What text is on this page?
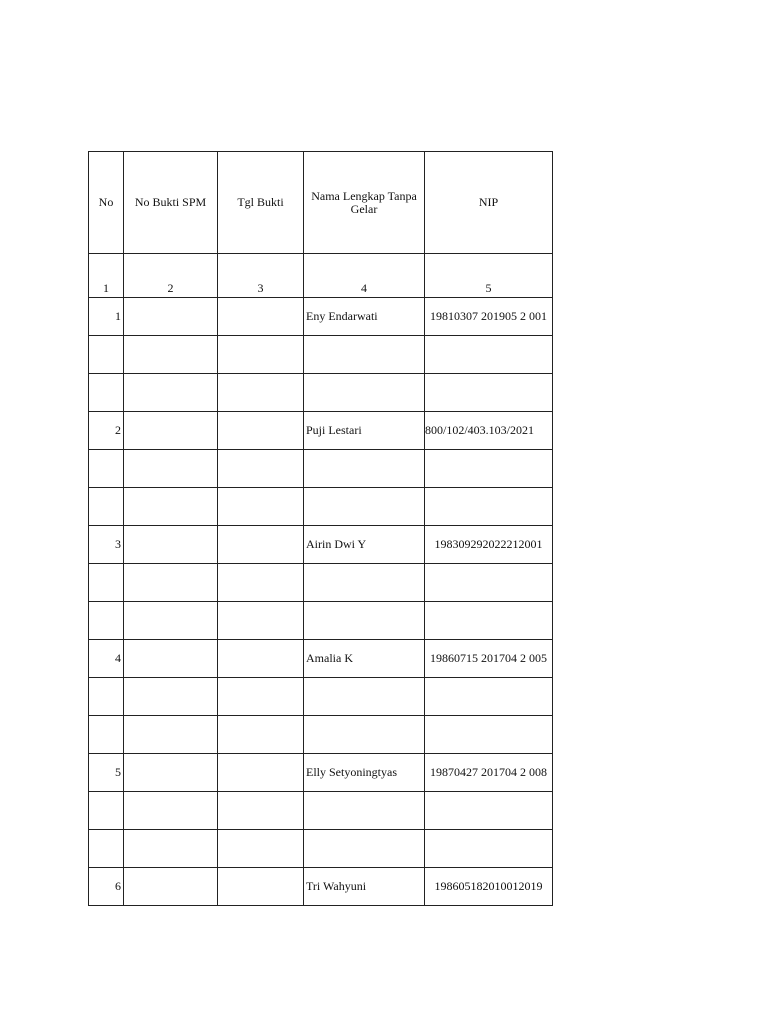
No	No Bukti SPM	Tgl Bukti	Nama Lengkap Tanpa Gelar	NIP
1	2	3	4	5
1			Eny Endarwati	19810307 201905 2 001

2			Puji Lestari	800/102/403.103/2021

3			Airin Dwi Y	198309292022212001

4			Amalia K	19860715 201704 2 005

5			Elly Setyoningtyas	19870427 201704 2 008

6			Tri Wahyuni	198605182010012019
